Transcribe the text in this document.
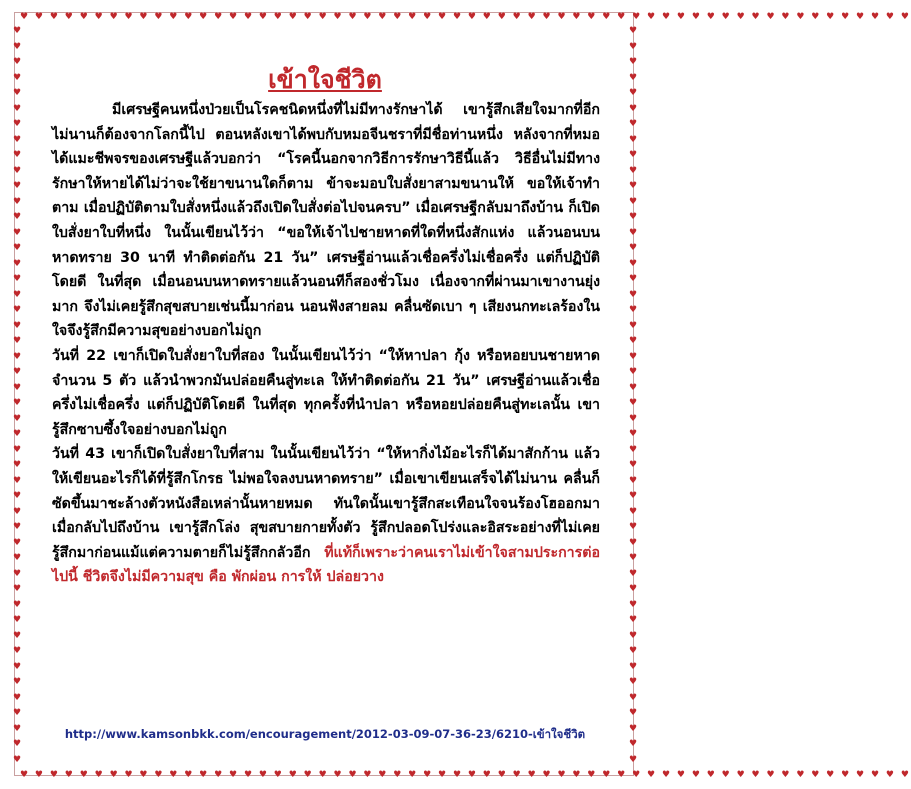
♥ ♥ ♥ ♥ ♥ ♥ ♥ ♥ ♥ ♥ ♥ ♥ ♥ ♥ ♥ ♥ ♥ ♥ ♥ ♥ ♥ ♥ ♥ ♥ ♥ ♥ ♥ ♥ ♥ ♥ ♥ ♥ ♥ ♥ ♥ ♥ ♥ ♥ ♥ ♥ ♥ ♥ ♥ ♥ ♥ ♥ ♥ ♥ ♥ ♥ ♥ ♥ ♥ ♥ ♥ ♥ ♥ ♥ ♥ ♥
♥ ♥ ♥ ♥ ♥ ♥ ♥ ♥ ♥ ♥ ♥ ♥ ♥ ♥ ♥ ♥ ♥ ♥ ♥ ♥ ♥ ♥ ♥ ♥ ♥ ♥ ♥ ♥ ♥ ♥ ♥ ♥ ♥ ♥ ♥ ♥ ♥ ♥ ♥ ♥ ♥ ♥ ♥ ♥ ♥ ♥ ♥ ♥ ♥ ♥ ♥ ♥ ♥ ♥ ♥ ♥ ♥ ♥ ♥ ♥
♥
♥
♥
♥
♥
♥
♥
♥
♥
♥
♥
♥
♥
♥
♥
♥
♥
♥
♥
♥
♥
♥
♥
♥
♥
♥
♥
♥
♥
♥
♥
♥
♥
♥
♥
♥
♥
♥
♥
♥
♥
♥
♥
♥
♥
♥
♥
♥
♥
♥
♥
♥
♥
♥
♥
♥
♥
♥
♥
♥
♥
♥
♥
♥
♥
♥
♥
♥
♥
♥
♥
♥
♥
♥
♥
♥
♥
♥
♥
♥
♥
♥
♥
♥
♥
♥
♥
♥
♥
♥
♥
♥
♥
♥
♥
♥
เข้าใจชีวิต

มีเศรษฐีคนหนึ่งป่วยเป็นโรคชนิดหนึ่งที่ไม่มีทางรักษาได้ เขารู้สึกเสียใจมากที่อีกไม่นานก็ต้องจากโลกนี้ไป ตอนหลังเขาได้พบกับหมอจีนชราที่มีชื่อท่านหนึ่ง หลังจากที่หมอได้แมะชีพจรของเศรษฐีแล้วบอกว่า “โรคนี้นอกจากวิธีการรักษาวิธีนี้แล้ว วิธีอื่นไม่มีทางรักษาให้หายได้ไม่ว่าจะใช้ยาขนานใดก็ตาม ข้าจะมอบใบสั่งยาสามขนานให้ ขอให้เจ้าทำตาม เมื่อปฏิบัติตามใบสั่งหนึ่งแล้วถึงเปิดใบสั่งต่อไปจนครบ” เมื่อเศรษฐีกลับมาถึงบ้าน ก็เปิดใบสั่งยาใบที่หนึ่ง ในนั้นเขียนไว้ว่า “ขอให้เจ้าไปชายหาดที่ใดที่หนึ่งสักแห่ง แล้วนอนบนหาดทราย 30 นาที ทำติดต่อกัน 21 วัน” เศรษฐีอ่านแล้วเชื่อครึ่งไม่เชื่อครึ่ง แต่ก็ปฏิบัติโดยดี ในที่สุด เมื่อนอนบนหาดทรายแล้วนอนทีก็สองชั่วโมง เนื่องจากที่ผ่านมาเขางานยุ่งมาก จึงไม่เคยรู้สึกสุขสบายเช่นนี้มาก่อน นอนฟังสายลม คลื่นซัดเบา ๆ เสียงนกทะเลร้องในใจจึงรู้สึกมีความสุขอย่างบอกไม่ถูก

วันที่ 22 เขาก็เปิดใบสั่งยาใบที่สอง ในนั้นเขียนไว้ว่า “ให้หาปลา กุ้ง หรือหอยบนชายหาดจำนวน 5 ตัว แล้วนำพวกมันปล่อยคืนสู่ทะเล ให้ทำติดต่อกัน 21 วัน” เศรษฐีอ่านแล้วเชื่อครึ่งไม่เชื่อครึ่ง แต่ก็ปฏิบัติโดยดี ในที่สุด ทุกครั้งที่นำปลา หรือหอยปล่อยคืนสู่ทะเลนั้น เขารู้สึกซาบซึ้งใจอย่างบอกไม่ถูก

วันที่ 43 เขาก็เปิดใบสั่งยาใบที่สาม ในนั้นเขียนไว้ว่า “ให้หากิ่งไม้อะไรก็ได้มาสักก้าน แล้วให้เขียนอะไรก็ได้ที่รู้สึกโกรธ ไม่พอใจลงบนหาดทราย” เมื่อเขาเขียนเสร็จได้ไม่นาน คลื่นก็ซัดขึ้นมาชะล้างตัวหนังสือเหล่านั้นหายหมด ทันใดนั้นเขารู้สึกสะเทือนใจจนร้องโฮออกมา เมื่อกลับไปถึงบ้าน เขารู้สึกโล่ง สุขสบายกายทั้งตัว รู้สึกปลอดโปร่งและอิสระอย่างที่ไม่เคยรู้สึกมาก่อนแม้แต่ความตายก็ไม่รู้สึกกลัวอีก ที่แท้ก็เพราะว่าคนเราไม่เข้าใจสามประการต่อไปนี้ ชีวิตจึงไม่มีความสุข คือ พักผ่อน การให้ ปล่อยวาง

http://www.kamsonbkk.com/encouragement/2012-03-09-07-36-23/6210-เข้าใจชีวิต
